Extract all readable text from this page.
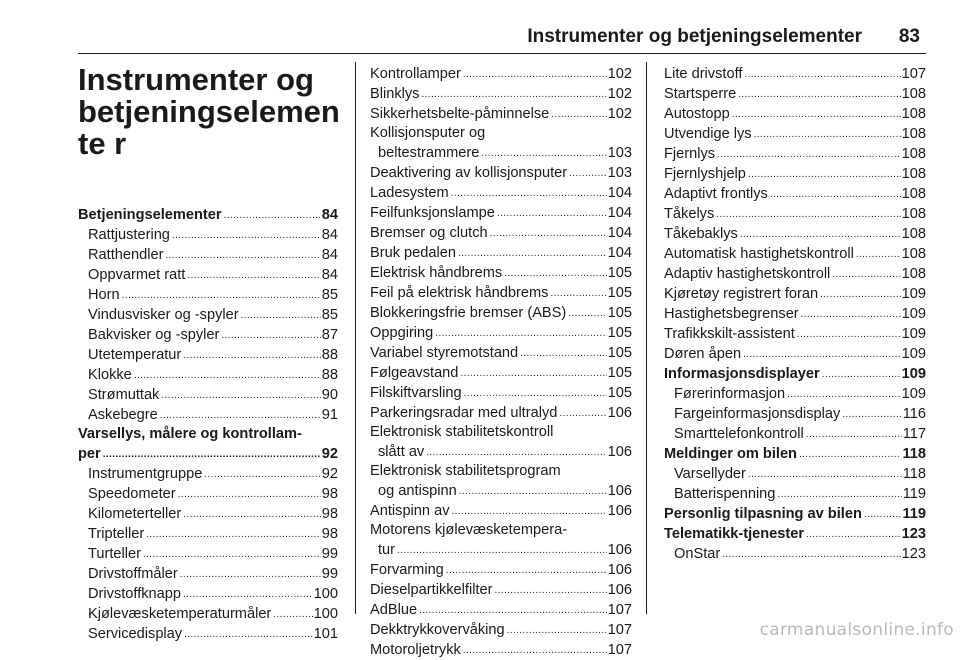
Instrumenter og betjeningselementer 83
Instrumenter og betjeningselemente r
Betjeningselementer . . .	84
Rattjustering . . .	84
Ratthendler . . .	84
Oppvarmet ratt . . .	84
Horn . . .	85
Vindusvisker og -spyler . . .	85
Bakvisker og -spyler . . .	87
Utetemperatur . . .	88
Klokke . . .	88
Strømuttak . . .	90
Askebegre . . .	91
Varsellys, målere og kontrollam-
per . . .	92
Instrumentgruppe . . .	92
Speedometer . . .	98
Kilometerteller . . .	98
Tripteller . . .	98
Turteller . . .	99
Drivstoffmåler . . .	99
Drivstoffknapp . . .	100
Kjølevæsketemperaturmåler . . .	100
Servicedisplay . . .	101
Kontrollamper . . .	102
Blinklys . . .	102
Sikkerhetsbelte-påminnelse . . .	102
Kollisjonsputer og
beltestrammere . . .	103
Deaktivering av kollisjonsputer . . .	103
Ladesystem . . .	104
Feilfunksjonslampe . . .	104
Bremser og clutch . . .	104
Bruk pedalen . . .	104
Elektrisk håndbrems . . .	105
Feil på elektrisk håndbrems . . .	105
Blokkeringsfrie bremser (ABS) . . .	105
Oppgiring . . .	105
Variabel styremotstand . . .	105
Følgeavstand . . .	105
Filskiftvarsling . . .	105
Parkeringsradar med ultralyd . . .	106
Elektronisk stabilitetskontroll
slått av . . .	106
Elektronisk stabilitetsprogram
og antispinn . . .	106
Antispinn av . . .	106
Motorens kjølevæsketempera-
tur . . .	106
Forvarming . . .	106
Dieselpartikkelfilter . . .	106
AdBlue . . .	107
Dekktrykkovervåking . . .	107
Motoroljetrykk . . .	107
Lite drivstoff . . .	107
Startsperre . . .	108
Autostopp . . .	108
Utvendige lys . . .	108
Fjernlys . . .	108
Fjernlyshjelp . . .	108
Adaptivt frontlys . . .	108
Tåkelys . . .	108
Tåkebaklys . . .	108
Automatisk hastighetskontroll . . .	108
Adaptiv hastighetskontroll . . .	108
Kjøretøy registrert foran . . .	109
Hastighetsbegrenser . . .	109
Trafikkskilt-assistent . . .	109
Døren åpen . . .	109
Informasjonsdisplayer . . .	109
Førerinformasjon . . .	109
Fargeinformasjonsdisplay . . .	116
Smarttelefonkontroll . . .	117
Meldinger om bilen . . .	118
Varsellyder . . .	118
Batterispenning . . .	119
Personlig tilpasning av bilen . . .	119
Telematikk-tjenester . . .	123
OnStar . . .	123
carmanualsonline.info
